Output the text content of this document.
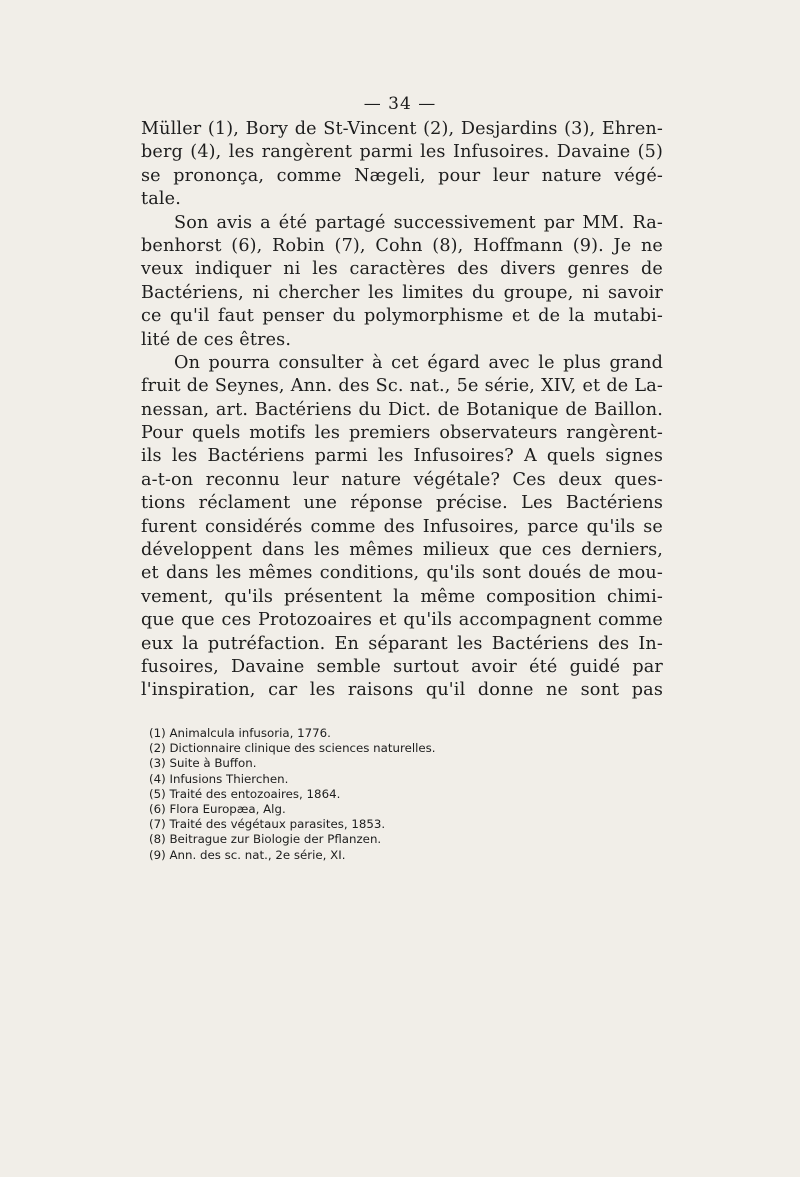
— 34 —
Müller (1), Bory de St-Vincent (2), Desjardins (3), Ehren-
berg (4), les rangèrent parmi les Infusoires. Davaine (5)
se prononça, comme Nægeli, pour leur nature végé-
tale.
Son avis a été partagé successivement par MM. Ra-
benhorst (6), Robin (7), Cohn (8), Hoffmann (9). Je ne
veux indiquer ni les caractères des divers genres de
Bactériens, ni chercher les limites du groupe, ni savoir
ce qu'il faut penser du polymorphisme et de la mutabi-
lité de ces êtres.
On pourra consulter à cet égard avec le plus grand
fruit de Seynes, Ann. des Sc. nat., 5e série, XIV, et de La-
nessan, art. Bactériens du Dict. de Botanique de Baillon.
Pour quels motifs les premiers observateurs rangèrent-
ils les Bactériens parmi les Infusoires? A quels signes
a-t-on reconnu leur nature végétale? Ces deux ques-
tions réclament une réponse précise. Les Bactériens
furent considérés comme des Infusoires, parce qu'ils se
développent dans les mêmes milieux que ces derniers,
et dans les mêmes conditions, qu'ils sont doués de mou-
vement, qu'ils présentent la même composition chimi-
que que ces Protozoaires et qu'ils accompagnent comme
eux la putréfaction. En séparant les Bactériens des In-
fusoires, Davaine semble surtout avoir été guidé par
l'inspiration, car les raisons qu'il donne ne sont pas
(1) Animalcula infusoria, 1776.
(2) Dictionnaire clinique des sciences naturelles.
(3) Suite à Buffon.
(4) Infusions Thierchen.
(5) Traité des entozoaires, 1864.
(6) Flora Europæa, Alg.
(7) Traité des végétaux parasites, 1853.
(8) Beitrague zur Biologie der Pflanzen.
(9) Ann. des sc. nat., 2e série, XI.
